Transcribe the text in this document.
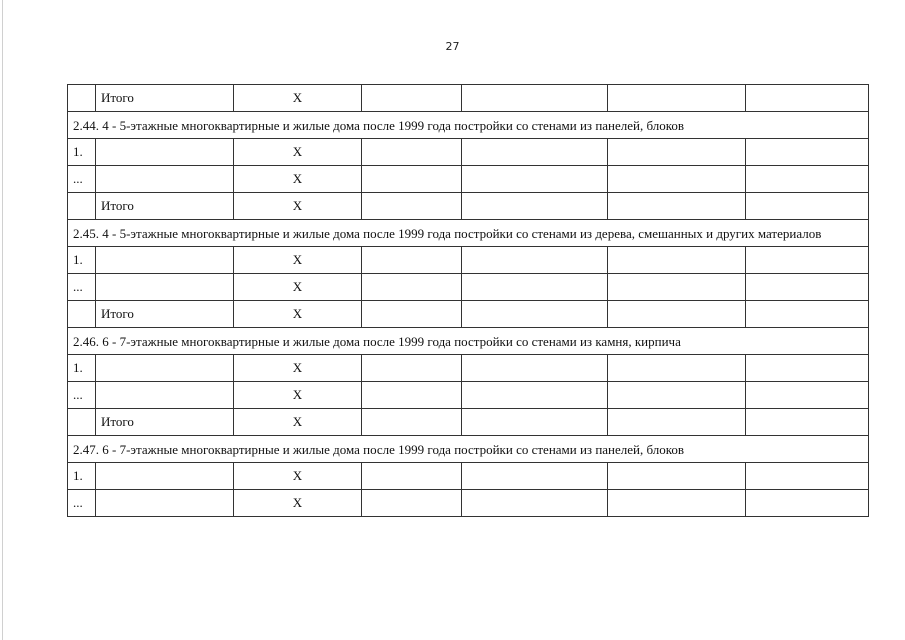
27
	Итого	X				
2.44. 4 - 5-этажные многоквартирные и жилые дома после 1999 года постройки со стенами из панелей, блоков						
1.		X				
...		X				
	Итого	X				
2.45. 4 - 5-этажные многоквартирные и жилые дома после 1999 года постройки со стенами из дерева, смешанных и других материалов						
1.		X				
...		X				
	Итого	X				
2.46. 6 - 7-этажные многоквартирные и жилые дома после 1999 года постройки со стенами из камня, кирпича						
1.		X				
...		X				
	Итого	X				
2.47. 6 - 7-этажные многоквартирные и жилые дома после 1999 года постройки со стенами из панелей, блоков						
1.		X				
...		X				
